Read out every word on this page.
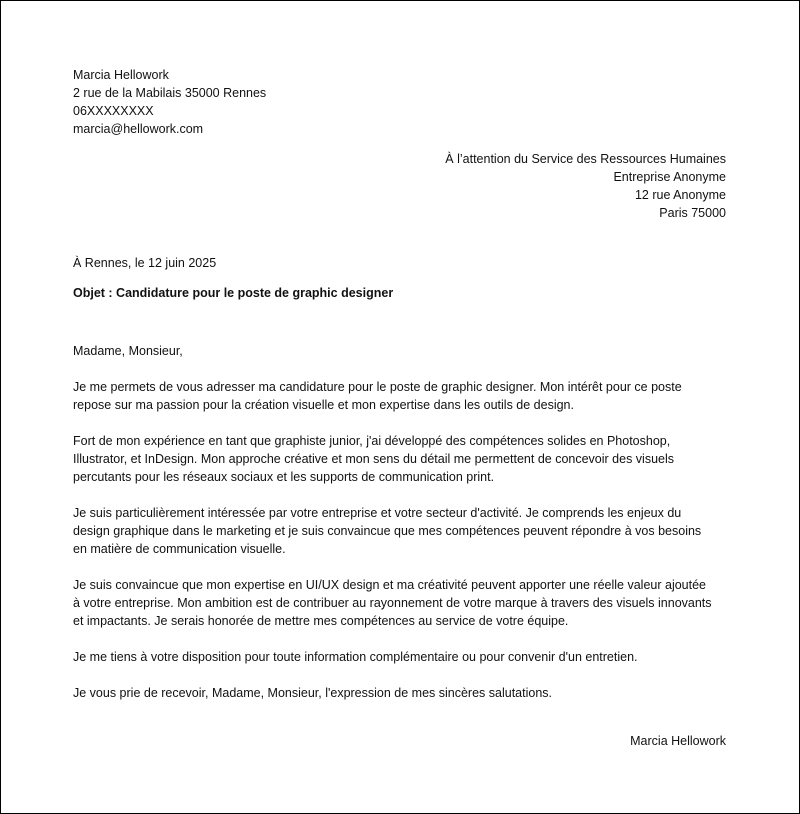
Marcia Hellowork
2 rue de la Mabilais 35000 Rennes
06XXXXXXXX
marcia@hellowork.com
À l’attention du Service des Ressources Humaines
Entreprise Anonyme
12 rue Anonyme
Paris 75000
À Rennes, le 12 juin 2025
Objet : Candidature pour le poste de graphic designer

Madame, Monsieur,

Je me permets de vous adresser ma candidature pour le poste de graphic designer. Mon intérêt pour ce poste
repose sur ma passion pour la création visuelle et mon expertise dans les outils de design.

Fort de mon expérience en tant que graphiste junior, j'ai développé des compétences solides en Photoshop,
Illustrator, et InDesign. Mon approche créative et mon sens du détail me permettent de concevoir des visuels
percutants pour les réseaux sociaux et les supports de communication print.

Je suis particulièrement intéressée par votre entreprise et votre secteur d'activité. Je comprends les enjeux du
design graphique dans le marketing et je suis convaincue que mes compétences peuvent répondre à vos besoins
en matière de communication visuelle.

Je suis convaincue que mon expertise en UI/UX design et ma créativité peuvent apporter une réelle valeur ajoutée
à votre entreprise. Mon ambition est de contribuer au rayonnement de votre marque à travers des visuels innovants
et impactants. Je serais honorée de mettre mes compétences au service de votre équipe.

Je me tiens à votre disposition pour toute information complémentaire ou pour convenir d'un entretien.

Je vous prie de recevoir, Madame, Monsieur, l'expression de mes sincères salutations.

Marcia Hellowork
